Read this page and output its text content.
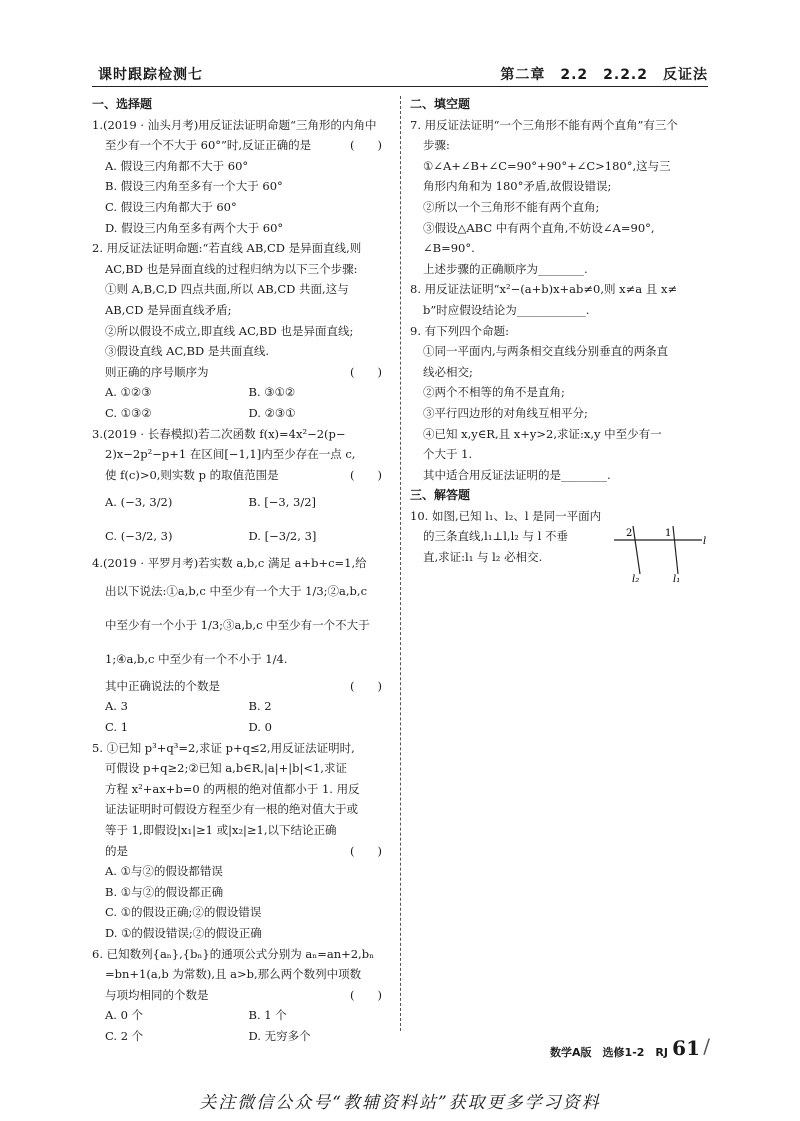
课时跟踪检测七	第二章　2.2　2.2.2　反证法
一、选择题
1.(2019 · 汕头月考)用反证法证明命题“三角形的内角中
至少有一个不大于 60°”时,反证正确的是	(　　)
A. 假设三内角都不大于 60°
B. 假设三内角至多有一个大于 60°
C. 假设三内角都大于 60°
D. 假设三内角至多有两个大于 60°
2. 用反证法证明命题:“若直线 AB,CD 是异面直线,则
AC,BD 也是异面直线的过程归纳为以下三个步骤:
①则 A,B,C,D 四点共面,所以 AB,CD 共面,这与
AB,CD 是异面直线矛盾;
②所以假设不成立,即直线 AC,BD 也是异面直线;
③假设直线 AC,BD 是共面直线.
则正确的序号顺序为	(　　)
A. ①②③	B. ③①②
C. ①③②	D. ②③①
3.(2019 · 长春模拟)若二次函数 f(x)=4x²−2(p−
2)x−2p²−p+1 在区间[−1,1]内至少存在一点 c,
使 f(c)>0,则实数 p 的取值范围是	(　　)
A. (−3, 3/2)	B. [−3, 3/2]
C. (−3/2, 3)	D. [−3/2, 3]
4.(2019 · 平罗月考)若实数 a,b,c 满足 a+b+c=1,给
出以下说法:①a,b,c 中至少有一个大于 1/3;②a,b,c
中至少有一个小于 1/3;③a,b,c 中至少有一个不大于
1;④a,b,c 中至少有一个不小于 1/4.
其中正确说法的个数是	(　　)
A. 3	B. 2
C. 1	D. 0
5. ①已知 p³+q³=2,求证 p+q≤2,用反证法证明时,
可假设 p+q≥2;②已知 a,b∈R,|a|+|b|<1,求证
方程 x²+ax+b=0 的两根的绝对值都小于 1. 用反
证法证明时可假设方程至少有一根的绝对值大于或
等于 1,即假设|x₁|≥1 或|x₂|≥1,以下结论正确
的是	(　　)
A. ①与②的假设都错误
B. ①与②的假设都正确
C. ①的假设正确;②的假设错误
D. ①的假设错误;②的假设正确
6. 已知数列{aₙ},{bₙ}的通项公式分别为 aₙ=an+2,bₙ
=bn+1(a,b 为常数),且 a>b,那么两个数列中项数
与项均相同的个数是	(　　)
A. 0 个	B. 1 个
C. 2 个	D. 无穷多个
二、填空题
7. 用反证法证明“一个三角形不能有两个直角”有三个
步骤:
①∠A+∠B+∠C=90°+90°+∠C>180°,这与三
角形内角和为 180°矛盾,故假设错误;
②所以一个三角形不能有两个直角;
③假设△ABC 中有两个直角,不妨设∠A=90°,
∠B=90°.
上述步骤的正确顺序为________.
8. 用反证法证明“x²−(a+b)x+ab≠0,则 x≠a 且 x≠
b”时应假设结论为____________.
9. 有下列四个命题:
①同一平面内,与两条相交直线分别垂直的两条直
线必相交;
②两个不相等的角不是直角;
③平行四边形的对角线互相平分;
④已知 x,y∈R,且 x+y>2,求证:x,y 中至少有一
个大于 1.
其中适合用反证法证明的是________.
三、解答题
10. 如图,已知 l₁、l₂、l 是同一平面内
的三条直线,l₁⊥l,l₂ 与 l 不垂
直,求证:l₁ 与 l₂ 必相交.
1
2
l
l₁
l₂
数学A版　选修1-2　RJ 61 /
关注微信公众号“教辅资料站”获取更多学习资料
